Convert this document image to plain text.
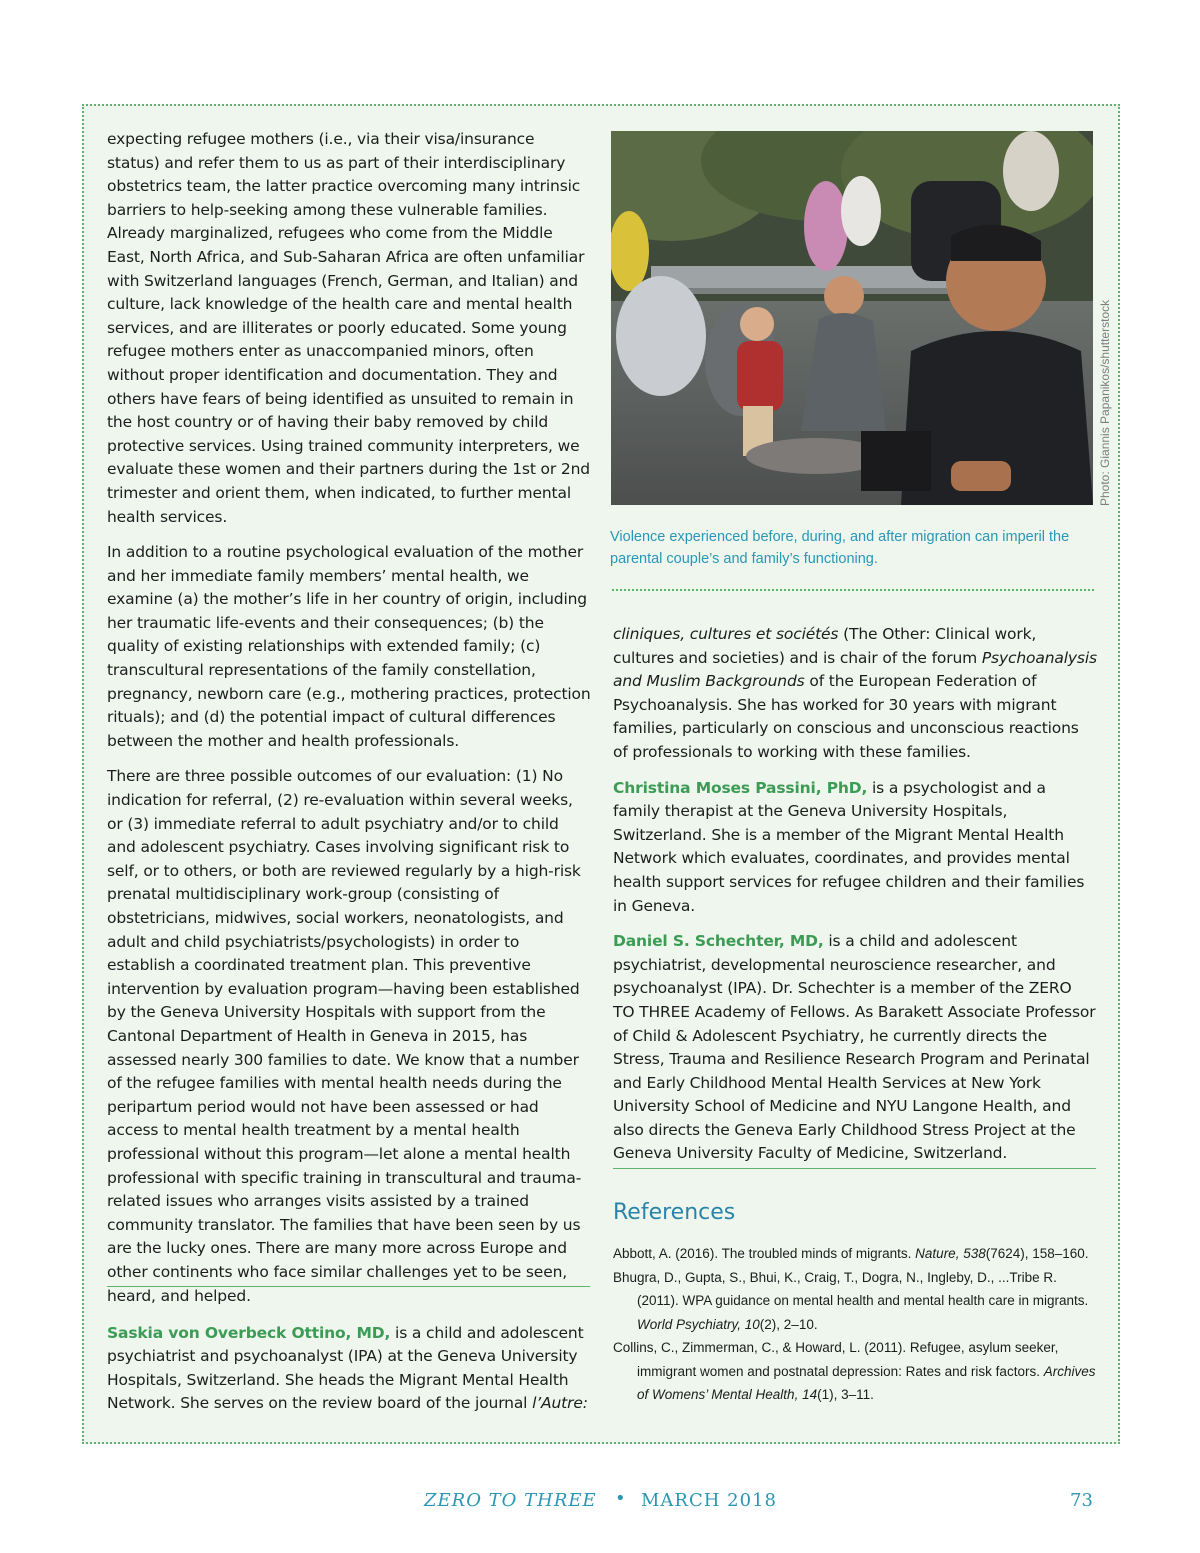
expecting refugee mothers (i.e., via their visa/insurance status) and refer them to us as part of their interdisciplinary obstetrics team, the latter practice overcoming many intrinsic barriers to help-seeking among these vulnerable families. Already marginalized, refugees who come from the Middle East, North Africa, and Sub-Saharan Africa are often unfamiliar with Switzerland languages (French, German, and Italian) and culture, lack knowledge of the health care and mental health services, and are illiterates or poorly educated. Some young refugee mothers enter as unaccompanied minors, often without proper identification and documentation. They and others have fears of being identified as unsuited to remain in the host country or of having their baby removed by child protective services. Using trained community interpreters, we evaluate these women and their partners during the 1st or 2nd trimester and orient them, when indicated, to further mental health services.

In addition to a routine psychological evaluation of the mother and her immediate family members’ mental health, we examine (a) the mother’s life in her country of origin, including her traumatic life-events and their consequences; (b) the quality of existing relationships with extended family; (c) transcultural representations of the family constellation, pregnancy, newborn care (e.g., mothering practices, protection rituals); and (d) the potential impact of cultural differences between the mother and health professionals.

There are three possible outcomes of our evaluation: (1) No indication for referral, (2) re-evaluation within several weeks, or (3) immediate referral to adult psychiatry and/or to child and adolescent psychiatry. Cases involving significant risk to self, or to others, or both are reviewed regularly by a high-risk prenatal multidisciplinary work-group (consisting of obstetricians, midwives, social workers, neonatologists, and adult and child psychiatrists/psychologists) in order to establish a coordinated treatment plan. This preventive intervention by evaluation program—having been established by the Geneva University Hospitals with support from the Cantonal Department of Health in Geneva in 2015, has assessed nearly 300 families to date. We know that a number of the refugee families with mental health needs during the peripartum period would not have been assessed or had access to mental health treatment by a mental health professional without this program—let alone a mental health professional with specific training in transcultural and trauma-related issues who arranges visits assisted by a trained community translator. The families that have been seen by us are the lucky ones. There are many more across Europe and other continents who face similar challenges yet to be seen, heard, and helped.

Saskia von Overbeck Ottino, MD, is a child and adolescent psychiatrist and psychoanalyst (IPA) at the Geneva University Hospitals, Switzerland. She heads the Migrant Mental Health Network. She serves on the review board of the journal l’Autre:

Photo: Giannis Papanikos/shutterstock
Violence experienced before, during, and after migration can imperil the parental couple’s and family’s functioning.

cliniques, cultures et sociétés (The Other: Clinical work, cultures and societies) and is chair of the forum Psychoanalysis and Muslim Backgrounds of the European Federation of Psychoanalysis. She has worked for 30 years with migrant families, particularly on conscious and unconscious reactions of professionals to working with these families.

Christina Moses Passini, PhD, is a psychologist and a family therapist at the Geneva University Hospitals, Switzerland. She is a member of the Migrant Mental Health Network which evaluates, coordinates, and provides mental health support services for refugee children and their families in Geneva.

Daniel S. Schechter, MD, is a child and adolescent psychiatrist, developmental neuroscience researcher, and psychoanalyst (IPA). Dr. Schechter is a member of the ZERO TO THREE Academy of Fellows. As Barakett Associate Professor of Child & Adolescent Psychiatry, he currently directs the Stress, Trauma and Resilience Research Program and Perinatal and Early Childhood Mental Health Services at New York University School of Medicine and NYU Langone Health, and also directs the Geneva Early Childhood Stress Project at the Geneva University Faculty of Medicine, Switzerland.

References
Abbott, A. (2016). The troubled minds of migrants. Nature, 538(7624), 158–160.
Bhugra, D., Gupta, S., Bhui, K., Craig, T., Dogra, N., Ingleby, D., ...Tribe R. (2011). WPA guidance on mental health and mental health care in migrants. World Psychiatry, 10(2), 2–10.
Collins, C., Zimmerman, C., & Howard, L. (2011). Refugee, asylum seeker, immigrant women and postnatal depression: Rates and risk factors. Archives of Womens’ Mental Health, 14(1), 3–11.
ZERO TO THREE • MARCH 2018	73
